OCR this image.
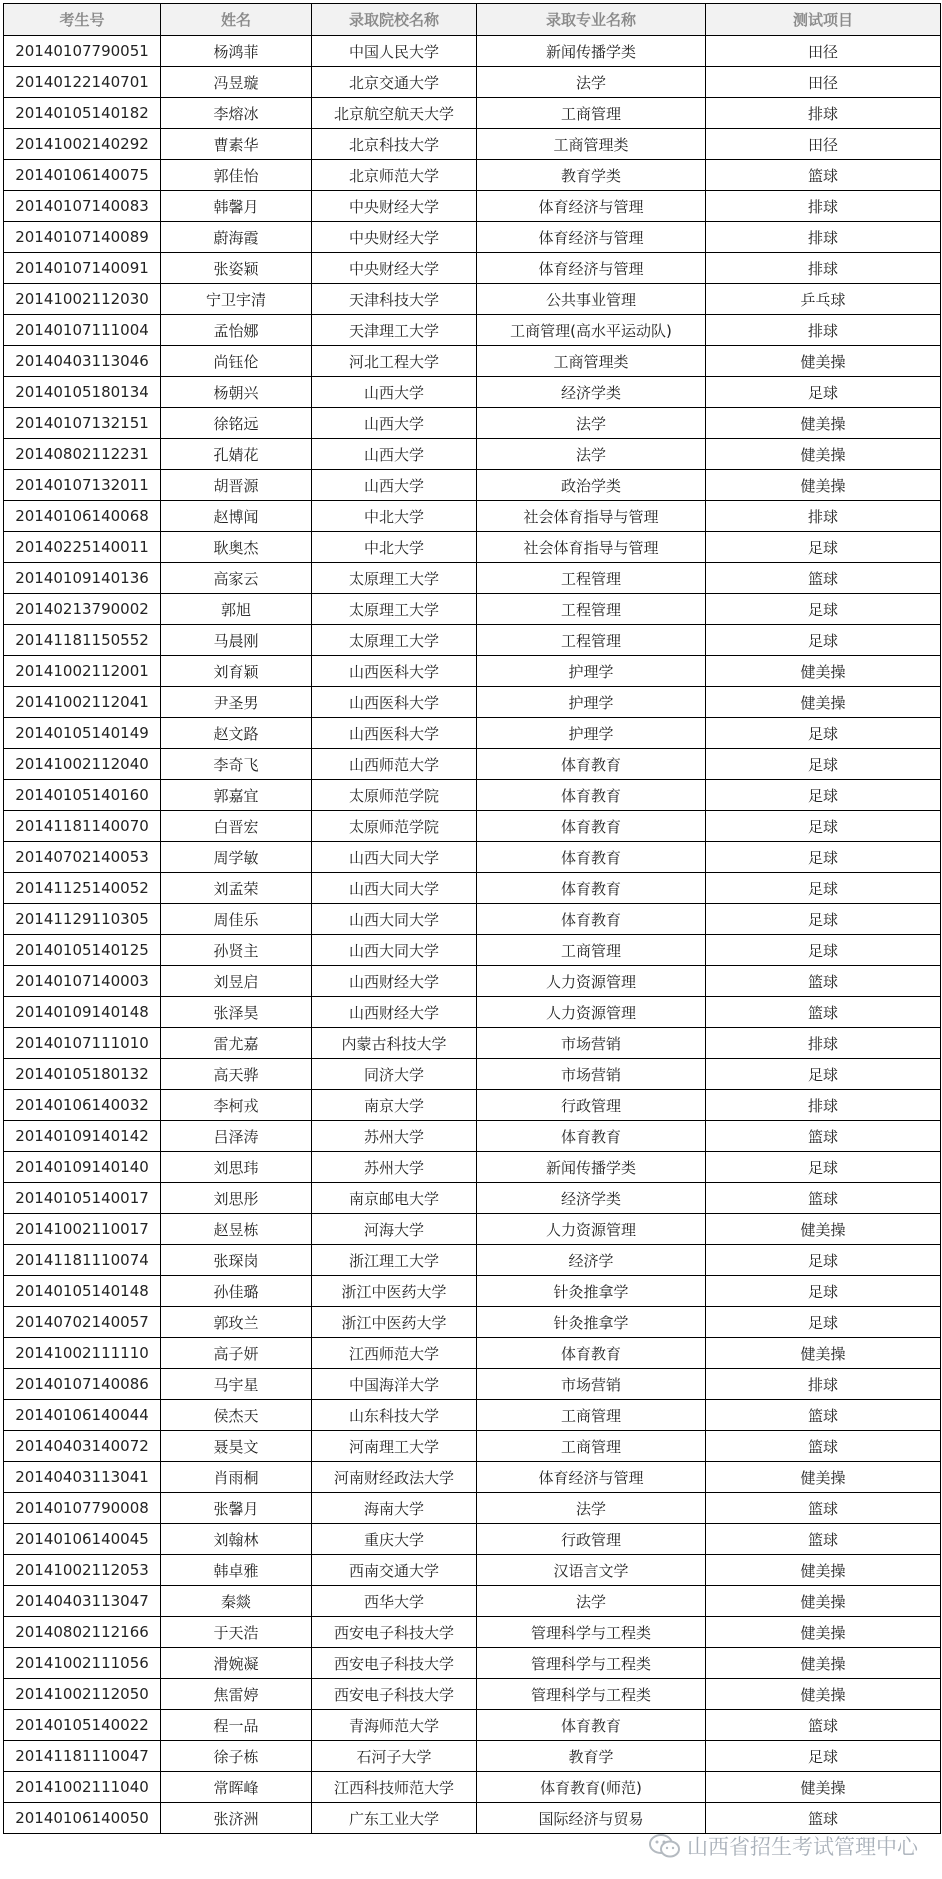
考生号	姓名	录取院校名称	录取专业名称	测试项目
20140107790051	杨鸿菲	中国人民大学	新闻传播学类	田径
20140122140701	冯昱璇	北京交通大学	法学	田径
20140105140182	李熔冰	北京航空航天大学	工商管理	排球
20141002140292	曹素华	北京科技大学	工商管理类	田径
20140106140075	郭佳怡	北京师范大学	教育学类	篮球
20140107140083	韩馨月	中央财经大学	体育经济与管理	排球
20140107140089	蔚海霞	中央财经大学	体育经济与管理	排球
20140107140091	张姿颖	中央财经大学	体育经济与管理	排球
20141002112030	宁卫宇清	天津科技大学	公共事业管理	乒乓球
20140107111004	孟怡娜	天津理工大学	工商管理(高水平运动队)	排球
20140403113046	尚钰伦	河北工程大学	工商管理类	健美操
20140105180134	杨朝兴	山西大学	经济学类	足球
20140107132151	徐铭远	山西大学	法学	健美操
20140802112231	孔婧花	山西大学	法学	健美操
20140107132011	胡晋源	山西大学	政治学类	健美操
20140106140068	赵博闻	中北大学	社会体育指导与管理	排球
20140225140011	耿奥杰	中北大学	社会体育指导与管理	足球
20140109140136	高家云	太原理工大学	工程管理	篮球
20140213790002	郭旭	太原理工大学	工程管理	足球
20141181150552	马晨刚	太原理工大学	工程管理	足球
20141002112001	刘育颖	山西医科大学	护理学	健美操
20141002112041	尹圣男	山西医科大学	护理学	健美操
20140105140149	赵文路	山西医科大学	护理学	足球
20141002112040	李奇飞	山西师范大学	体育教育	足球
20140105140160	郭嘉宜	太原师范学院	体育教育	足球
20141181140070	白晋宏	太原师范学院	体育教育	足球
20140702140053	周学敏	山西大同大学	体育教育	足球
20141125140052	刘孟荣	山西大同大学	体育教育	足球
20141129110305	周佳乐	山西大同大学	体育教育	足球
20140105140125	孙贤主	山西大同大学	工商管理	足球
20140107140003	刘昱启	山西财经大学	人力资源管理	篮球
20140109140148	张泽昊	山西财经大学	人力资源管理	篮球
20140107111010	雷尤嘉	内蒙古科技大学	市场营销	排球
20140105180132	高天骅	同济大学	市场营销	足球
20140106140032	李柯戎	南京大学	行政管理	排球
20140109140142	吕泽涛	苏州大学	体育教育	篮球
20140109140140	刘思玮	苏州大学	新闻传播学类	足球
20140105140017	刘思彤	南京邮电大学	经济学类	篮球
20141002110017	赵昱栋	河海大学	人力资源管理	健美操
20141181110074	张琛岗	浙江理工大学	经济学	足球
20140105140148	孙佳璐	浙江中医药大学	针灸推拿学	足球
20140702140057	郭玫兰	浙江中医药大学	针灸推拿学	足球
20141002111110	高子妍	江西师范大学	体育教育	健美操
20140107140086	马宇星	中国海洋大学	市场营销	排球
20140106140044	侯杰天	山东科技大学	工商管理	篮球
20140403140072	聂昊文	河南理工大学	工商管理	篮球
20140403113041	肖雨桐	河南财经政法大学	体育经济与管理	健美操
20140107790008	张馨月	海南大学	法学	篮球
20140106140045	刘翰林	重庆大学	行政管理	篮球
20141002112053	韩卓雅	西南交通大学	汉语言文学	健美操
20140403113047	秦燚	西华大学	法学	健美操
20140802112166	于天浩	西安电子科技大学	管理科学与工程类	健美操
20141002111056	滑婉凝	西安电子科技大学	管理科学与工程类	健美操
20141002112050	焦雷婷	西安电子科技大学	管理科学与工程类	健美操
20140105140022	程一品	青海师范大学	体育教育	篮球
20141181110047	徐子栋	石河子大学	教育学	足球
20141002111040	常晖峰	江西科技师范大学	体育教育(师范)	健美操
20140106140050	张济洲	广东工业大学	国际经济与贸易	篮球
山西省招生考试管理中心
